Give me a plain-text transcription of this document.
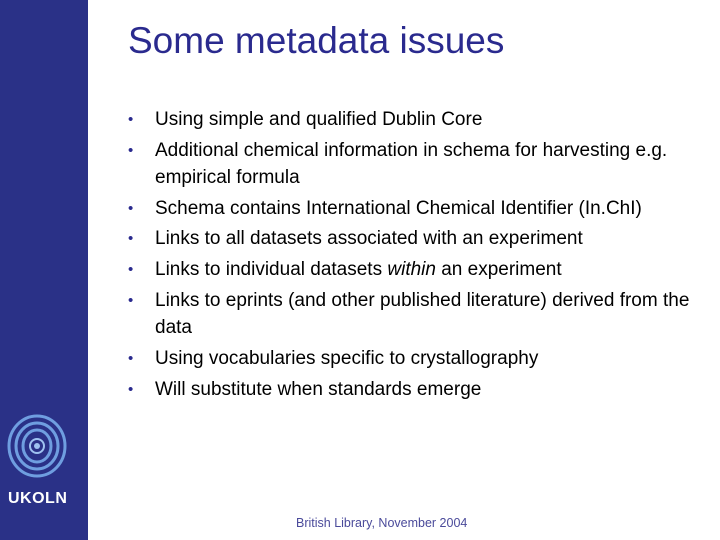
UKOLN
Some metadata issues
• Using simple and qualified Dublin Core
• Additional chemical information in schema for harvesting e.g. empirical formula
• Schema contains International Chemical Identifier (In.ChI)
• Links to all datasets associated with an experiment
• Links to individual datasets within an experiment
• Links to eprints (and other published literature) derived from the data
• Using vocabularies specific to crystallography
• Will substitute when standards emerge
British Library, November 2004
